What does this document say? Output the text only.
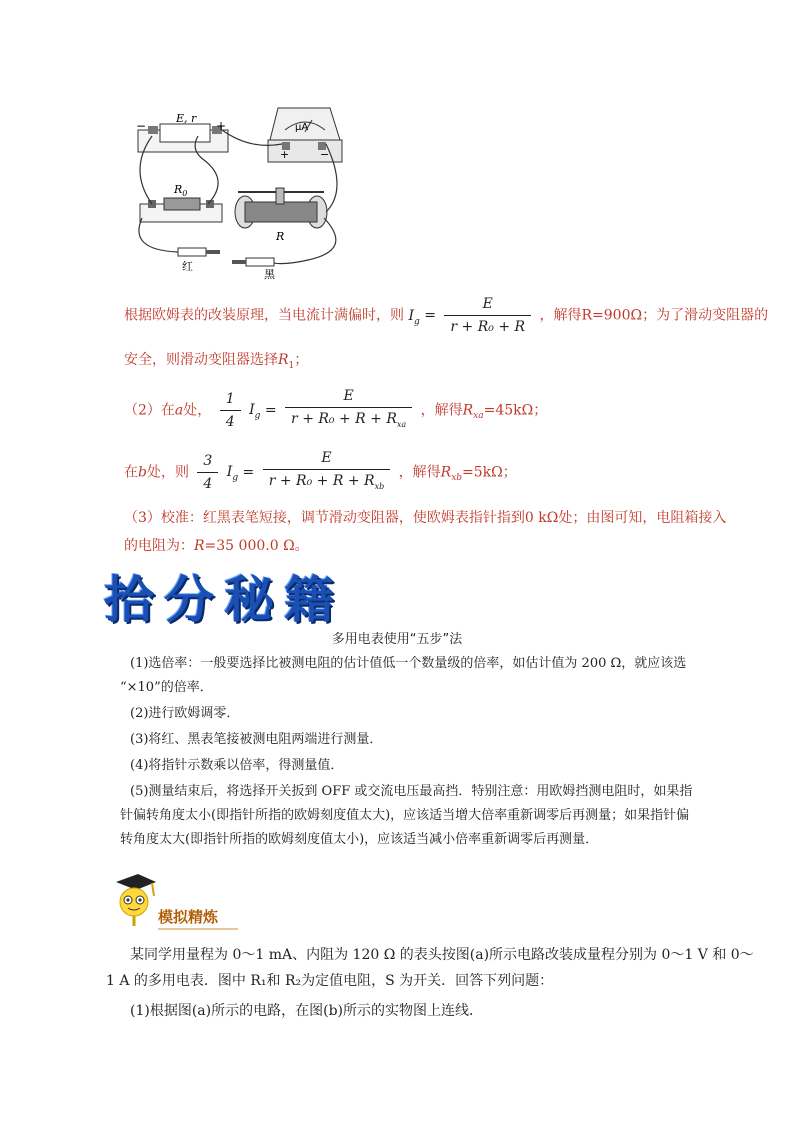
E, r
−	+	μA
+	−
$R_0$
R
红
黑
根据欧姆表的改装原理，当电流计满偏时，则 $I_g = \frac{E}{\text{r + R₀ + R}}$ ，解得R=900Ω；为了滑动变阻器的
安全，则滑动变阻器选择$R_1$；
（2）在a处， $\frac{1}{4} I_g = \frac{E}{r + R_0 + R + R_{xa}}$ ，解得$R_{xa}=45k\Omega$；
在b处，则 $\frac{3}{4} I_g = \frac{E}{r + R_0 + R + R_{xb}}$ ，解得$R_{xb}=5k\Omega$；
（3）校准：红黑表笔短接，调节滑动变阻器，使欧姆表指针指到0 kΩ处；由图可知，电阻箱接入
的电阻为：R=35 000.0 Ω。
拾分秘籍
多用电表使用“五步”法
(1)选倍率：一般要选择比被测电阻的估计值低一个数量级的倍率，如估计值为 200 Ω，就应该选
“×10”的倍率．
(2)进行欧姆调零．
(3)将红、黑表笔接被测电阻两端进行测量．
(4)将指针示数乘以倍率，得测量值．
(5)测量结束后，将选择开关扳到 OFF 或交流电压最高挡．特别注意：用欧姆挡测电阻时，如果指
针偏转角度太小(即指针所指的欧姆刻度值太大)，应该适当增大倍率重新调零后再测量；如果指针偏
转角度太大(即指针所指的欧姆刻度值太小)，应该适当减小倍率重新调零后再测量．
模拟精炼
某同学用量程为 0～1 mA、内阻为 120 Ω 的表头按图(a)所示电路改装成量程分别为 0～1 V 和 0～
1 A 的多用电表．图中 R₁和 R₂为定值电阻，S 为开关．回答下列问题：
(1)根据图(a)所示的电路，在图(b)所示的实物图上连线．
